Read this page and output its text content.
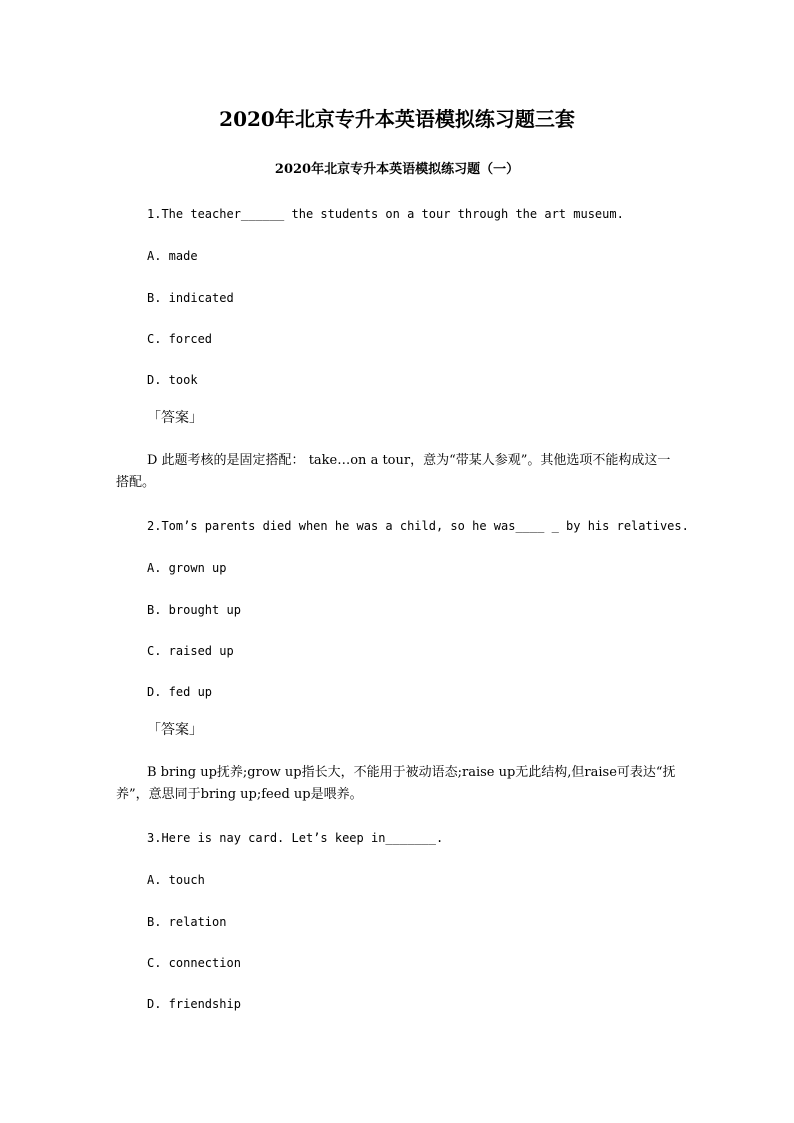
2020年北京专升本英语模拟练习题三套
2020年北京专升本英语模拟练习题（一）
1.The teacher______ the students on a tour through the art museum.
A. made
B. indicated
C. forced
D. took
「答案」
D 此题考核的是固定搭配： take…on a tour，意为“带某人参观”。其他选项不能构成这一搭配。
2.Tom’s parents died when he was a child, so he was____ _ by his relatives.
A. grown up
B. brought up
C. raised up
D. fed up
「答案」
B bring up抚养;grow up指长大，不能用于被动语态;raise up无此结构,但raise可表达“抚养”，意思同于bring up;feed up是喂养。
3.Here is nay card. Let’s keep in_______.
A. touch
B. relation
C. connection
D. friendship
